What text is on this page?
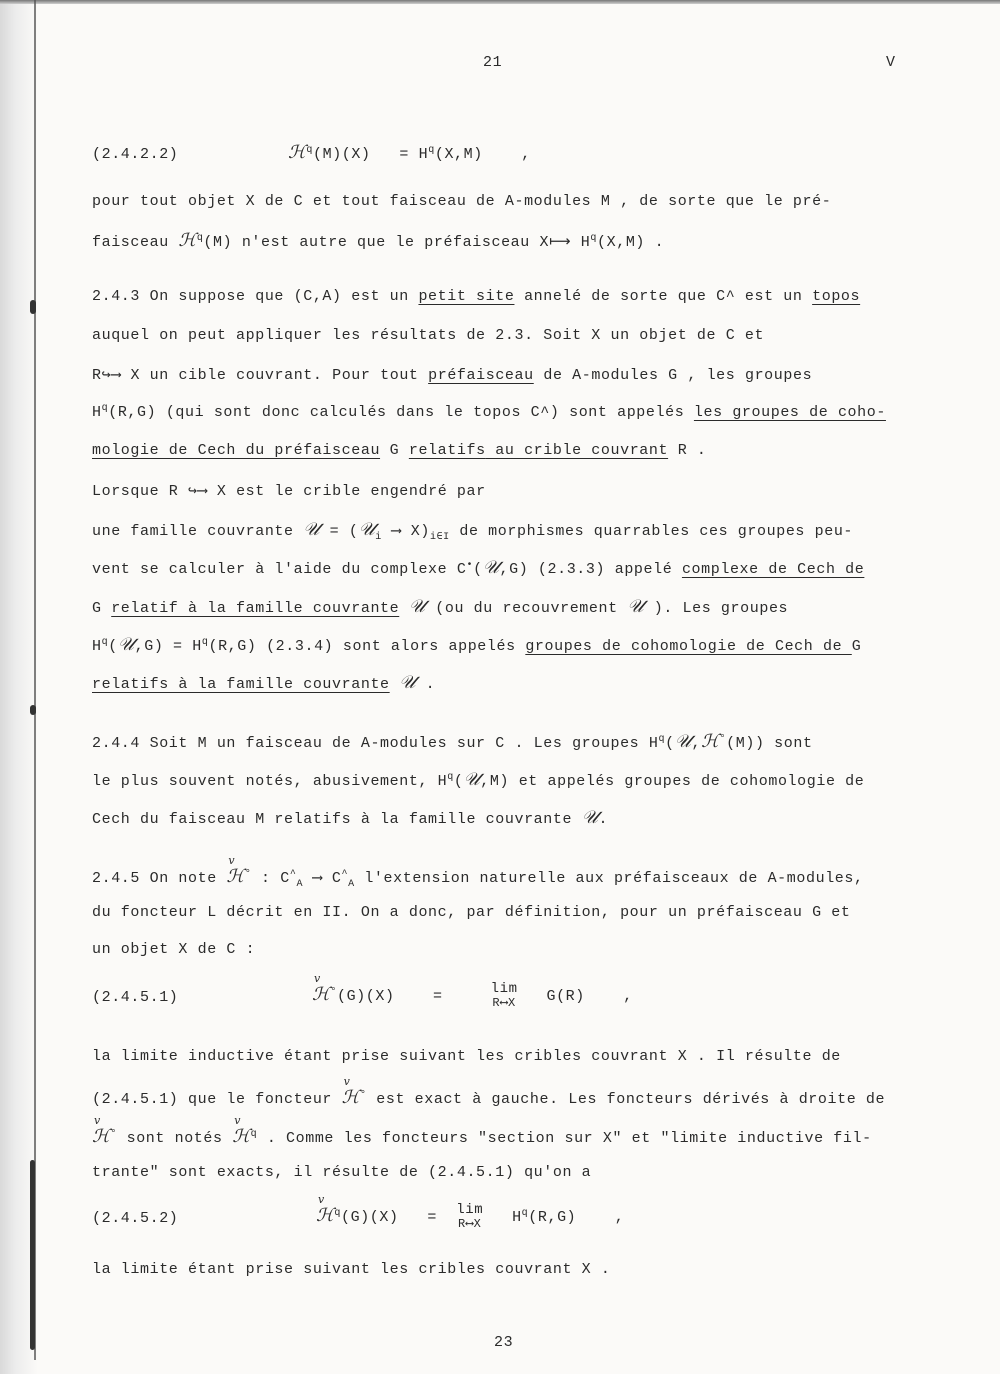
21	V
(2.4.2.2)	ℋ$^q$(M)(X) = $H^q(X,M)$	,
pour tout objet X de C et tout faisceau de A-modules M , de sorte que le pré-
faisceau ℋ$^q$(M) n'est autre que le préfaisceau X⟼ $H^q(X,M)$ .
2.4.3 On suppose que (C,A) est un petit site annelé de sorte que C^ est un topos
auquel on peut appliquer les résultats de 2.3. Soit X un objet de C et
R↪⟶ X un cible couvrant. Pour tout préfaisceau de A-modules G , les groupes
$H^q(R,G)$ (qui sont donc calculés dans le topos C^) sont appelés les groupes de coho-
mologie de Cech du préfaisceau G relatifs au crible couvrant R .
Lorsque R ↪⟶ X est le crible engendré par
une famille couvrante 𝒰 = (𝒰$_i$ ⟶ $X)_{i\in I}$ de morphismes quarrables ces groupes peu-
vent se calculer à l'aide du complexe C•(𝒰,G) (2.3.3) appelé complexe de Cech de
G relatif à la famille couvrante 𝒰 (ou du recouvrement 𝒰 ). Les groupes
$H^q(𝒰,G) = H^q(R,G)$ (2.3.4) sont alors appelés groupes de cohomologie de Cech de G
relatifs à la famille couvrante 𝒰 .
2.4.4 Soit M un faisceau de A-modules sur C . Les groupes $H^q(𝒰,ℋ^\circ(M))$ sont
le plus souvent notés, abusivement, $H^q(𝒰,M)$ et appelés groupes de cohomologie de
Cech du faisceau M relatifs à la famille couvrante 𝒰.
2.4.5 On note v ℋ° : $C^{\^{}}_A$ ⟶ $C^{\^{}}_A$ l'extension naturelle aux préfaisceaux de A-modules,
du foncteur L décrit en II. On a donc, par définition, pour un préfaisceau G et
un objet X de C :
(2.4.5.1)	v ℋ°(G)(X)	=	lim
R⟷X G(R)	,
la limite inductive étant prise suivant les cribles couvrant X . Il résulte de
(2.4.5.1) que le foncteur v ℋ° est exact à gauche. Les foncteurs dérivés à droite de
v ℋ° sont notés v ℋ$^q$ . Comme les foncteurs "section sur X" et "limite inductive fil-
trante" sont exacts, il résulte de (2.4.5.1) qu'on a
(2.4.5.2)	v ℋ$^q$(G)(X) = lim
R⟷X $H^q(R,G)$	,
la limite étant prise suivant les cribles couvrant X .
23
